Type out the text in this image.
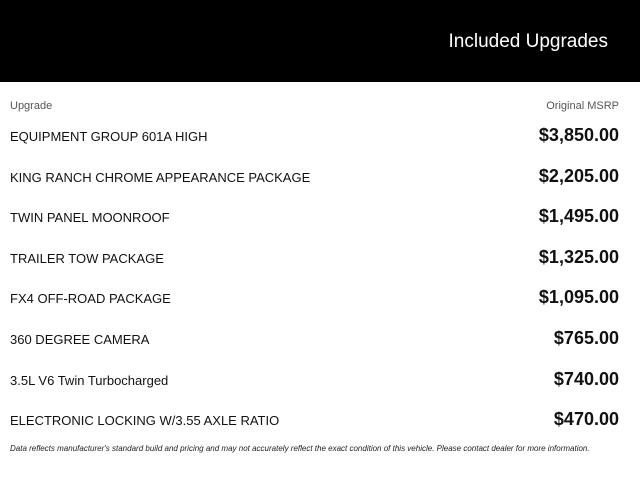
Included Upgrades
Upgrade	Original MSRP
EQUIPMENT GROUP 601A HIGH	$3,850.00
KING RANCH CHROME APPEARANCE PACKAGE	$2,205.00
TWIN PANEL MOONROOF	$1,495.00
TRAILER TOW PACKAGE	$1,325.00
FX4 OFF-ROAD PACKAGE	$1,095.00
360 DEGREE CAMERA	$765.00
3.5L V6 Twin Turbocharged	$740.00
ELECTRONIC LOCKING W/3.55 AXLE RATIO	$470.00
Data reflects manufacturer's standard build and pricing and may not accurately reflect the exact condition of this vehicle. Please contact dealer for more information.
